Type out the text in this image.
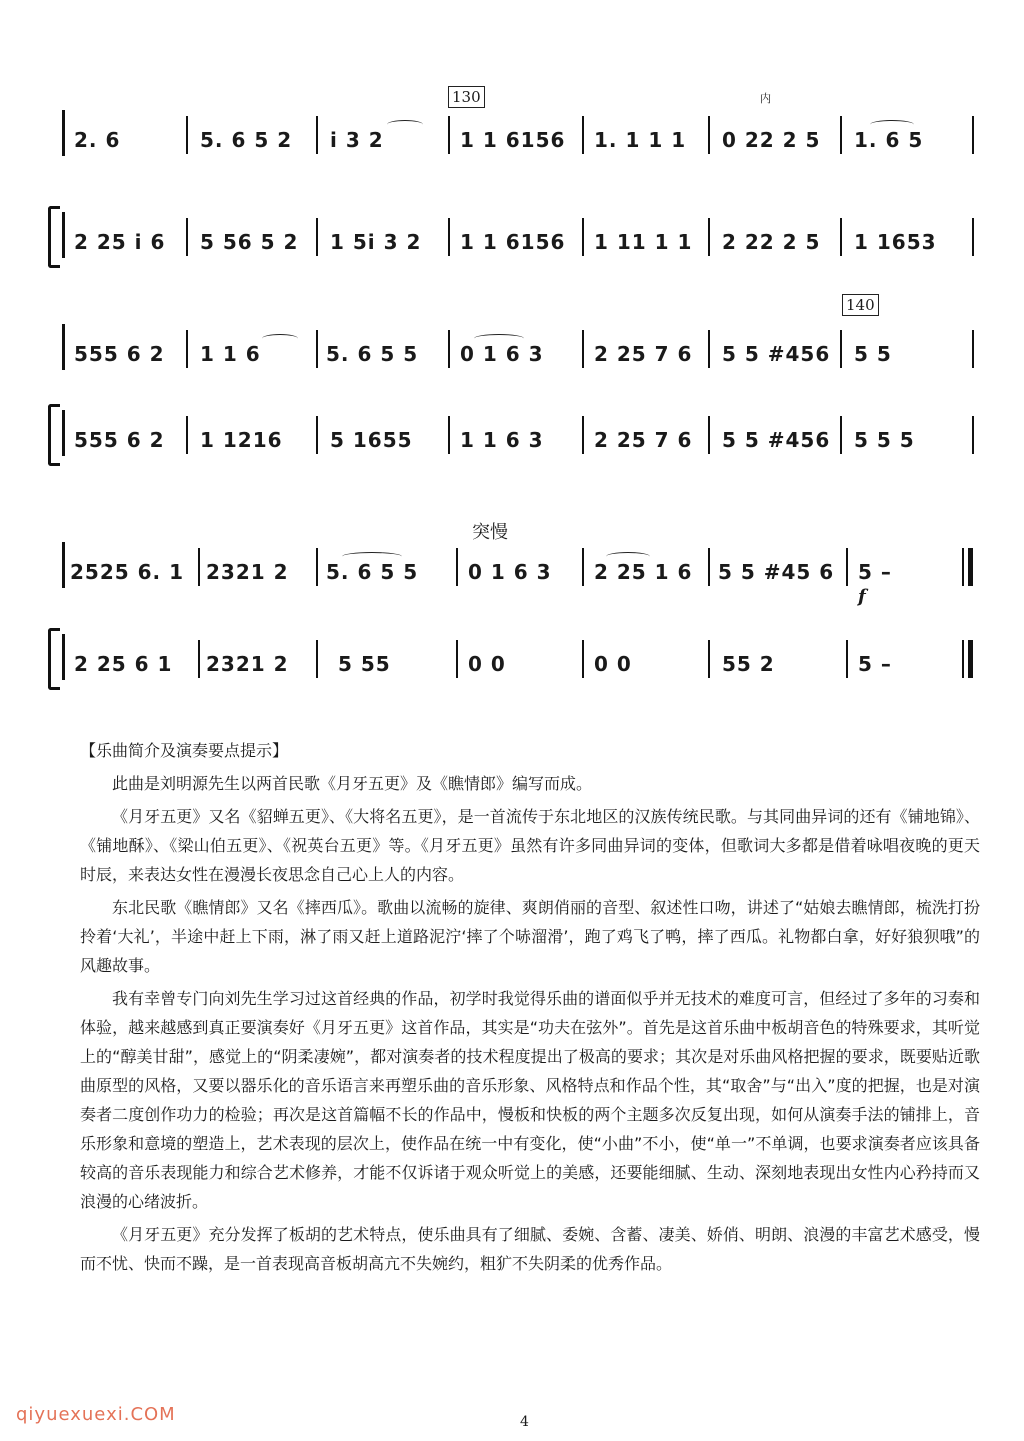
130	内
2. 6	5. 6 5 2 i 3 2	1 1 6156 1. 1 1 1 0 22 2 5 1. 6 5
2 25 i 6 5 56 5 2 1 5i 3 2 1 1 6156 1 11 1 1 2 22 2 5 1 1653
140
555 6 2 1 1 6	5. 6 5 5 0 1 6 3	2 25 7 6 5 5 #456 5 5
555 6 2 1 1216 5 1655 1 1 6 3	2 25 7 6 5 5 #456 5 5 5
突慢
2525 6. 1 2321 2 5. 6 5 5 0 1 6 3 2 25 1 6 5 5 #45 6 5 –
f
2 25 6 1 2321 2 5 55	0 0	0 0	55 2	5 –
【乐曲简介及演奏要点提示】

此曲是刘明源先生以两首民歌《月牙五更》及《瞧情郎》编写而成。

《月牙五更》又名《貂蝉五更》、《大将名五更》，是一首流传于东北地区的汉族传统民歌。与其同曲异词的还有《铺地锦》、《铺地酥》、《梁山伯五更》、《祝英台五更》等。《月牙五更》虽然有许多同曲异词的变体，但歌词大多都是借着咏唱夜晚的更天时辰，来表达女性在漫漫长夜思念自己心上人的内容。

东北民歌《瞧情郎》又名《摔西瓜》。歌曲以流畅的旋律、爽朗俏丽的音型、叙述性口吻，讲述了“姑娘去瞧情郎，梳洗打扮拎着‘大礼’，半途中赶上下雨，淋了雨又赶上道路泥泞‘摔了个哧溜滑’，跑了鸡飞了鸭，摔了西瓜。礼物都白拿，好好狼狈哦”的风趣故事。

我有幸曾专门向刘先生学习过这首经典的作品，初学时我觉得乐曲的谱面似乎并无技术的难度可言，但经过了多年的习奏和体验，越来越感到真正要演奏好《月牙五更》这首作品，其实是“功夫在弦外”。首先是这首乐曲中板胡音色的特殊要求，其听觉上的“醇美甘甜”，感觉上的“阴柔凄婉”，都对演奏者的技术程度提出了极高的要求；其次是对乐曲风格把握的要求，既要贴近歌曲原型的风格，又要以器乐化的音乐语言来再塑乐曲的音乐形象、风格特点和作品个性，其“取舍”与“出入”度的把握，也是对演奏者二度创作功力的检验；再次是这首篇幅不长的作品中，慢板和快板的两个主题多次反复出现，如何从演奏手法的铺排上，音乐形象和意境的塑造上，艺术表现的层次上，使作品在统一中有变化，使“小曲”不小，使“单一”不单调，也要求演奏者应该具备较高的音乐表现能力和综合艺术修养，才能不仅诉诸于观众听觉上的美感，还要能细腻、生动、深刻地表现出女性内心矜持而又浪漫的心绪波折。

《月牙五更》充分发挥了板胡的艺术特点，使乐曲具有了细腻、委婉、含蓄、凄美、娇俏、明朗、浪漫的丰富艺术感受，慢而不忧、快而不躁，是一首表现高音板胡高亢不失婉约，粗犷不失阴柔的优秀作品。

qiyuexuexi.COM	4
